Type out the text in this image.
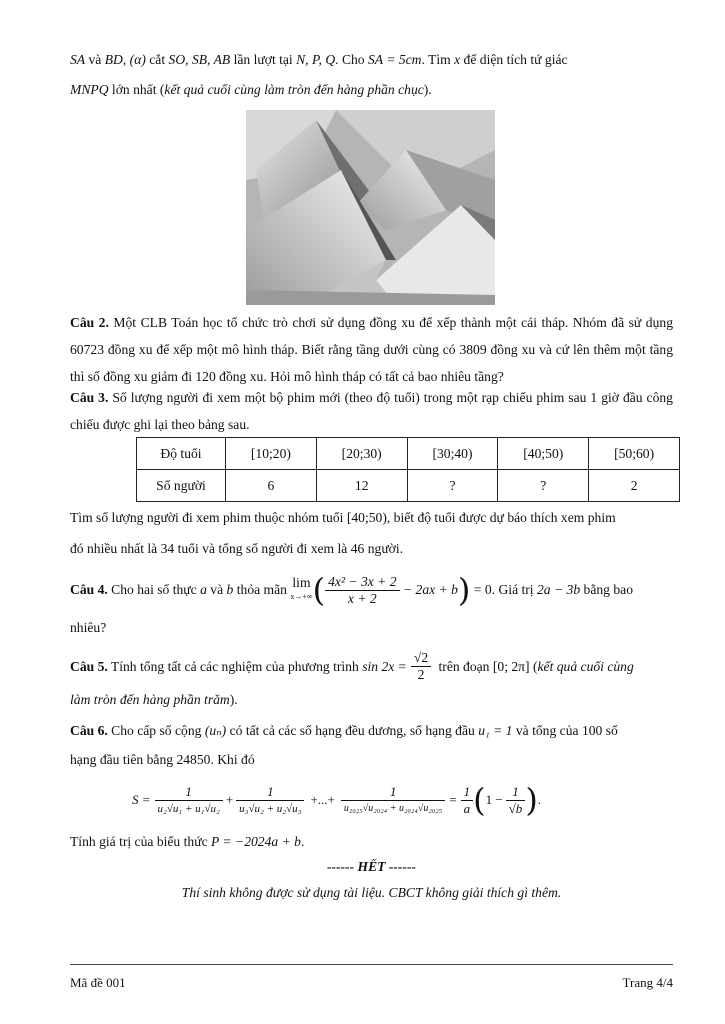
SA và BD, (α) cắt SO, SB, AB lần lượt tại N, P, Q. Cho SA = 5cm. Tìm x để diện tích tứ giác
MNPQ lớn nhất (kết quả cuối cùng làm tròn đến hàng phần chục).
Câu 2. Một CLB Toán học tổ chức trò chơi sử dụng đồng xu để xếp thành một cái tháp. Nhóm đã sử dụng 60723 đồng xu để xếp một mô hình tháp. Biết rằng tầng dưới cùng có 3809 đồng xu và cứ lên thêm một tầng thì số đồng xu giảm đi 120 đồng xu. Hỏi mô hình tháp có tất cả bao nhiêu tầng?
Câu 3. Số lượng người đi xem một bộ phim mới (theo độ tuổi) trong một rạp chiếu phim sau 1 giờ đầu công chiếu được ghi lại theo bảng sau.
Độ tuổi	[10;20)	[20;30)	[30;40)	[40;50)	[50;60)
Số người	6	12	?	?	2
Tìm số lượng người đi xem phim thuộc nhóm tuổi [40;50), biết độ tuổi được dự báo thích xem phim
đó nhiều nhất là 34 tuổi và tổng số người đi xem là 46 người.
Câu 4. Cho hai số thực a và b thỏa mãn lim
x→+∞ ( $\frac{\text{4x² − 3x + 2}}{x + 2} - 2ax + b$ ) = 0 . Giá trị 2a − 3b bằng bao
nhiêu?
Câu 5. Tính tổng tất cả các nghiệm của phương trình $\sin 2x = \frac{√2}{2}$ trên đoạn [0; 2π] ( kết quả cuối cùng
làm tròn đến hàng phần trăm).
Câu 6. Cho cấp số cộng (uₙ) có tất cả các số hạng đều dương, số hạng đầu u₁ = 1 và tổng của 100 số
hạng đầu tiên bằng 24850. Khi đó
$S = \frac{1}{\text{u₂√u₁ + u₁√u₂}} + \frac{1}{\text{u₃√u₂ + u₂√u₃}}$ +...+ $\frac{1}{\text{u₂₀₂₅√u₂₀₂₄ + u₂₀₂₄√u₂₀₂₅}} = \frac{1}{a}$ ( $1 - \frac{1}{√b}$ ) .
Tính giá trị của biểu thức P = −2024a + b.
------ HẾT ------
Thí sinh không được sử dụng tài liệu. CBCT không giải thích gì thêm.
Mã đề 001	Trang 4/4
